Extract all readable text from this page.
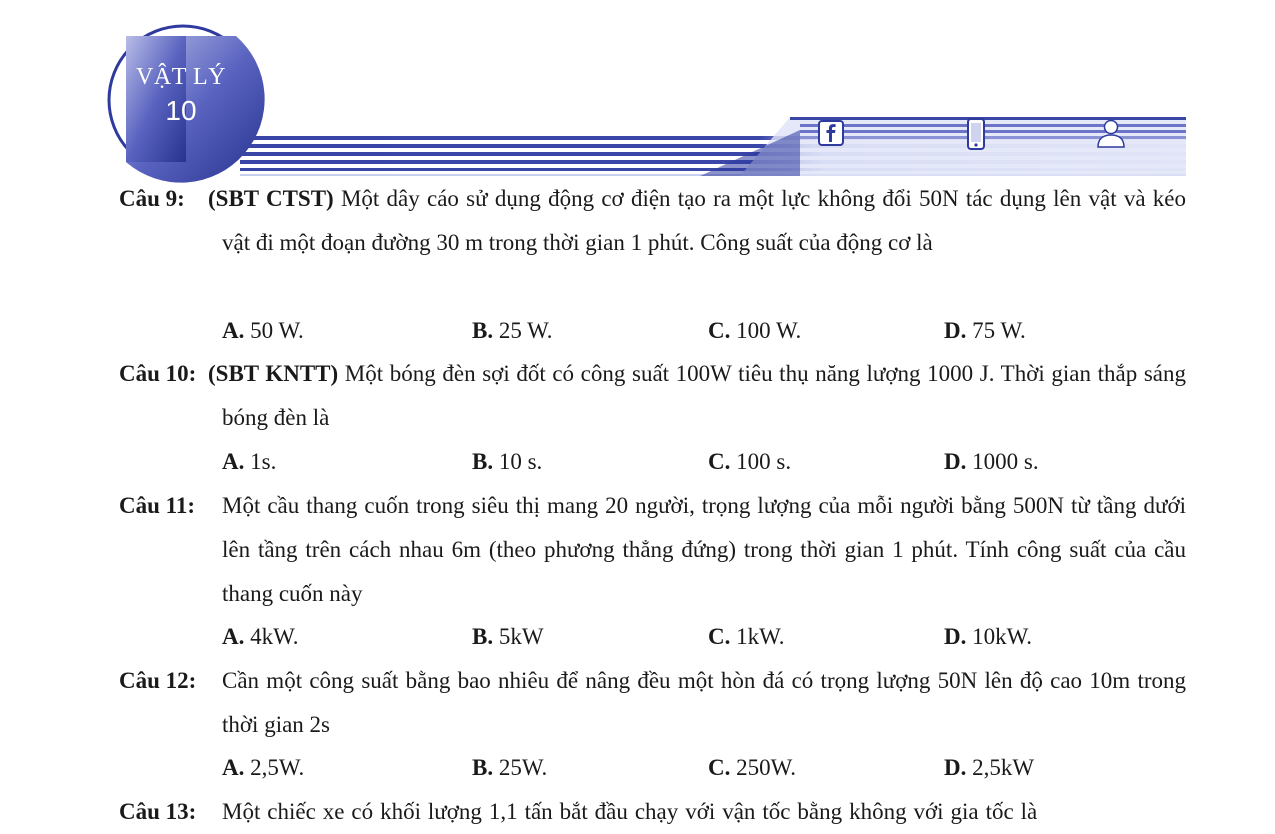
VẬT LÝ
10
Câu 9: (SBT CTST) Một dây cáo sử dụng động cơ điện tạo ra một lực không đổi 50N tác dụng lên vật và kéo vật đi một đoạn đường 30 m trong thời gian 1 phút. Công suất của động cơ là
A. 50 W.	B. 25 W.	C. 100 W.	D. 75 W.
Câu 10: (SBT KNTT) Một bóng đèn sợi đốt có công suất 100W tiêu thụ năng lượng 1000 J. Thời gian thắp sáng bóng đèn là
A. 1s.	B. 10 s.	C. 100 s.	D. 1000 s.
Câu 11: Một cầu thang cuốn trong siêu thị mang 20 người, trọng lượng của mỗi người bằng 500N từ tầng dưới lên tầng trên cách nhau 6m (theo phương thẳng đứng) trong thời gian 1 phút. Tính công suất của cầu thang cuốn này
A. 4kW.	B. 5kW	C. 1kW.	D. 10kW.
Câu 12: Cần một công suất bằng bao nhiêu để nâng đều một hòn đá có trọng lượng 50N lên độ cao 10m trong thời gian 2s
A. 2,5W.	B. 25W.	C. 250W.	D. 2,5kW
Câu 13: Một chiếc xe có khối lượng 1,1 tấn bắt đầu chạy với vận tốc bằng không với gia tốc là
